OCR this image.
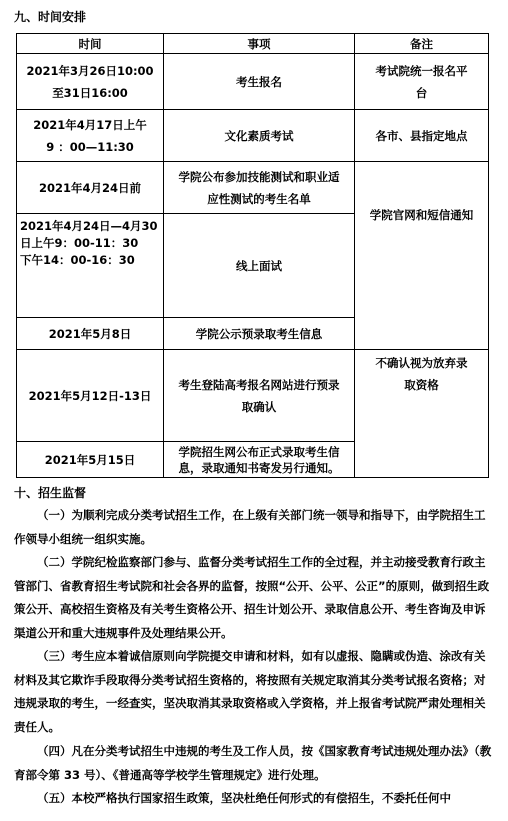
九、时间安排
时间	事项	备注
2021年3月26日10:00
至31日16:00	考生报名	考试院统一报名平
台
2021年4月17日上午
9 ：00—11:30	文化素质考试	各市、县指定地点
2021年4月24日前	学院公布参加技能测试和职业适
应性测试的考生名单	学院官网和短信通知
2021年4月24日—4月30
日上午9：00-11：30
下午14：00-16：30	线上面试	
2021年5月8日	学院公示预录取考生信息	
2021年5月12日-13日	考生登陆高考报名网站进行预录
取确认	不确认视为放弃录
取资格
2021年5月15日	学院招生网公布正式录取考生信
息，录取通知书寄发另行通知。	
十、招生监督
（一）为顺利完成分类考试招生工作，在上级有关部门统一领导和指导下，由学院招生工作领导小组统一组织实施。
（二）学院纪检监察部门参与、监督分类考试招生工作的全过程，并主动接受教育行政主管部门、省教育招生考试院和社会各界的监督，按照“公开、公平、公正”的原则，做到招生政策公开、高校招生资格及有关考生资格公开、招生计划公开、录取信息公开、考生咨询及申诉渠道公开和重大违规事件及处理结果公开。
（三）考生应本着诚信原则向学院提交申请和材料，如有以虚报、隐瞒或伪造、涂改有关材料及其它欺诈手段取得分类考试招生资格的，将按照有关规定取消其分类考试报名资格；对违规录取的考生，一经查实，坚决取消其录取资格或入学资格，并上报省考试院严肃处理相关责任人。
（四）凡在分类考试招生中违规的考生及工作人员，按《国家教育考试违规处理办法》（教育部令第 33 号）、《普通高等学校学生管理规定》进行处理。
（五）本校严格执行国家招生政策，坚决杜绝任何形式的有偿招生，不委托任何中
